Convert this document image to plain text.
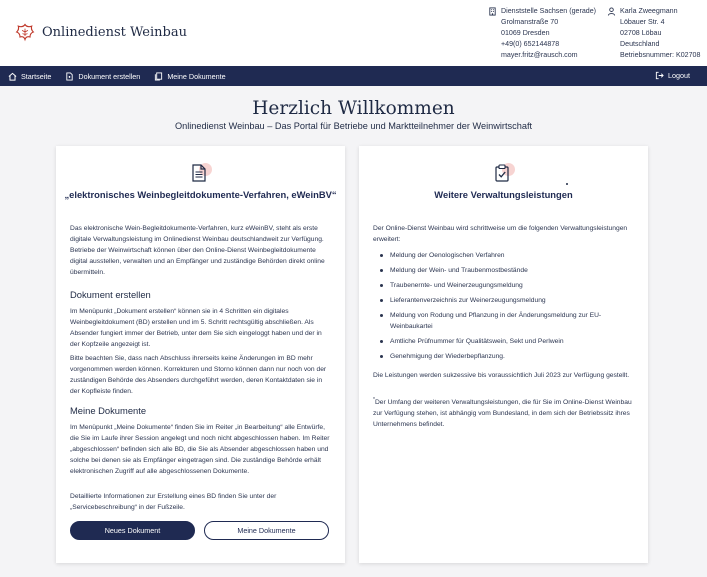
Onlinedienst Weinbau
Dienststelle Sachsen (gerade)
Grolmanstraße 70
01069 Dresden
+49(0) 652144878
mayer.fritz@rausch.com
Karla Zweegmann
Löbauer Str. 4
02708 Löbau
Deutschland
Betriebsnummer: K02708
Startseite	Dokument erstellen	Meine Dokumente	Logout
Herzlich Willkommen

Onlinedienst Weinbau – Das Portal für Betriebe und Marktteilnehmer der Weinwirtschaft

„elektronisches Weinbegleitdokumente-Verfahren, eWeinBV“
Das elektronische Wein-Begleitdokumente-Verfahren, kurz eWeinBV, steht als erste digitale Verwaltungsleistung im Onlinedienst Weinbau deutschlandweit zur Verfügung. Betriebe der Weinwirtschaft können über den Online-Dienst Weinbegleitdokumente digital ausstellen, verwalten und an Empfänger und zuständige Behörden direkt online übermitteln.
Dokument erstellen
Im Menüpunkt „Dokument erstellen“ können sie in 4 Schritten ein digitales Weinbegleitdokument (BD) erstellen und im 5. Schritt rechtsgültig abschließen. Als Absender fungiert immer der Betrieb, unter dem Sie sich eingeloggt haben und der in der Kopfzeile angezeigt ist.
Bitte beachten Sie, dass nach Abschluss ihrerseits keine Änderungen im BD mehr vorgenommen werden können. Korrekturen und Storno können dann nur noch von der zuständigen Behörde des Absenders durchgeführt werden, deren Kontaktdaten sie in der Kopfleiste finden.
Meine Dokumente
Im Menüpunkt „Meine Dokumente“ finden Sie im Reiter „in Bearbeitung“ alle Entwürfe, die Sie im Laufe ihrer Session angelegt und noch nicht abgeschlossen haben. Im Reiter „abgeschlossen“ befinden sich alle BD, die Sie als Absender abgeschlossen haben und solche bei denen sie als Empfänger eingetragen sind. Die zuständige Behörde erhält elektronischen Zugriff auf alle abgeschlossenen Dokumente.
Detaillierte Informationen zur Erstellung eines BD finden Sie unter der „Servicebeschreibung“ in der Fußzeile.
Neues Dokument	Meine Dokumente
Weitere Verwaltungsleistungen
Der Online-Dienst Weinbau wird schrittweise um die folgenden Verwaltungsleistungen erweitert:
Meldung der Oenologischen Verfahren
Meldung der Wein- und Traubenmostbestände
Traubenernte- und Weinerzeugungsmeldung
Lieferantenverzeichnis zur Weinerzeugungsmeldung
Meldung von Rodung und Pflanzung in der Änderungsmeldung zur EU-Weinbaukartei
Amtliche Prüfnummer für Qualitätswein, Sekt und Perlwein
Genehmigung der Wiederbepflanzung.
Die Leistungen werden sukzessive bis voraussichtlich Juli 2023 zur Verfügung gestellt.
*Der Umfang der weiteren Verwaltungsleistungen, die für Sie im Online-Dienst Weinbau zur Verfügung stehen, ist abhängig vom Bundesland, in dem sich der Betriebssitz ihres Unternehmens befindet.
